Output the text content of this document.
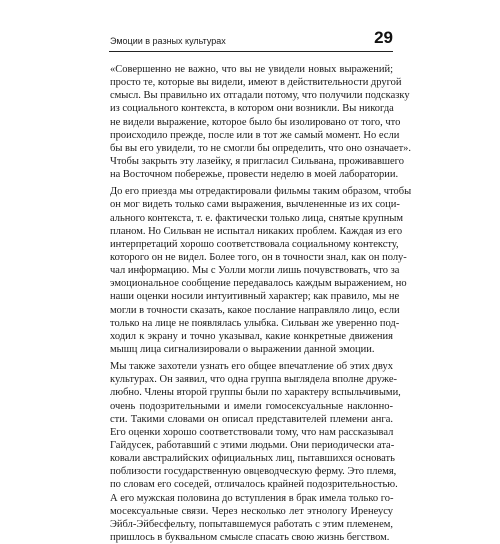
Эмоции в разных культурах	29

«Совершенно не важно, что вы не увидели новых выражений;
просто те, которые вы видели, имеют в действительности другой
смысл. Вы правильно их отгадали потому, что получили подсказку
из социального контекста, в котором они возникли. Вы никогда
не видели выражение, которое было бы изолировано от того, что
происходило прежде, после или в тот же самый момент. Но если
бы вы его увидели, то не смогли бы определить, что оно означает».
Чтобы закрыть эту лазейку, я пригласил Сильвана, проживавшего
на Восточном побережье, провести неделю в моей лаборатории.

До его приезда мы отредактировали фильмы таким образом, чтобы
он мог видеть только сами выражения, вычлененные из их соци-
ального контекста, т. е. фактически только лица, снятые крупным
планом. Но Сильван не испытал никаких проблем. Каждая из его
интерпретаций хорошо соответствовала социальному контексту,
которого он не видел. Более того, он в точности знал, как он полу-
чал информацию. Мы с Уолли могли лишь почувствовать, что за
эмоциональное сообщение передавалось каждым выражением, но
наши оценки носили интуитивный характер; как правило, мы не
могли в точности сказать, какое послание направляло лицо, если
только на лице не появлялась улыбка. Сильван же уверенно под-
ходил к экрану и точно указывал, какие конкретные движения
мышц лица сигнализировали о выражении данной эмоции.

Мы также захотели узнать его общее впечатление об этих двух
культурах. Он заявил, что одна группа выглядела вполне друже-
любно. Члены второй группы были по характеру вспыльчивыми,
очень подозрительными и имели гомосексуальные наклонно-
сти. Такими словами он описал представителей племени анга.
Его оценки хорошо соответствовали тому, что нам рассказывал
Гайдусек, работавший с этими людьми. Они периодически ата-
ковали австралийских официальных лиц, пытавшихся основать
поблизости государственную овцеводческую ферму. Это племя,
по словам его соседей, отличалось крайней подозрительностью.
А его мужская половина до вступления в брак имела только го-
мосексуальные связи. Через несколько лет этнологу Иренеусу
Эйбл-Эйбесфельту, попытавшемуся работать с этим племенем,
пришлось в буквальном смысле спасать свою жизнь бегством.
